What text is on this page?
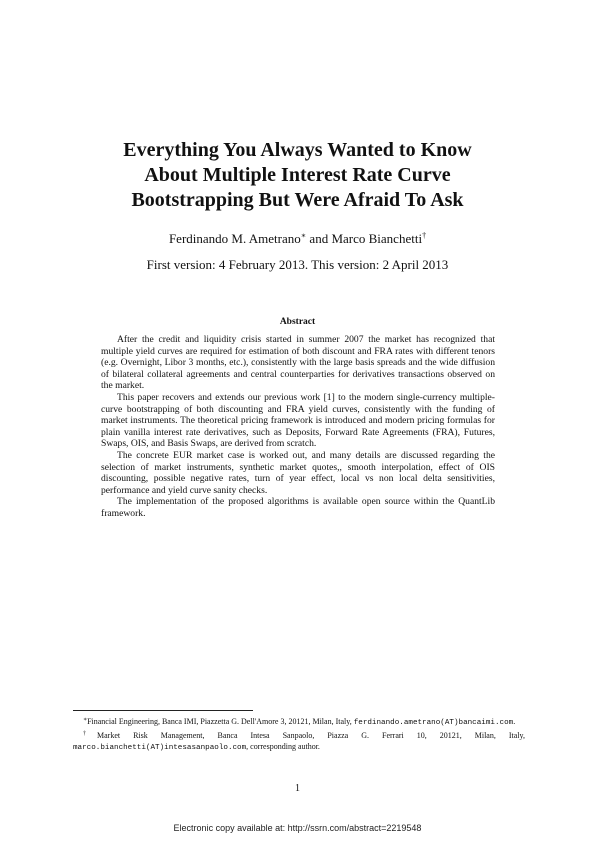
Everything You Always Wanted to Know
About Multiple Interest Rate Curve
Bootstrapping But Were Afraid To Ask
Ferdinando M. Ametrano∗ and Marco Bianchetti†
First version: 4 February 2013. This version: 2 April 2013
Abstract

After the credit and liquidity crisis started in summer 2007 the market has recognized that multiple yield curves are required for estimation of both discount and FRA rates with different tenors (e.g. Overnight, Libor 3 months, etc.), consistently with the large basis spreads and the wide diffusion of bilateral collateral agreements and central counterparties for derivatives transactions observed on the market.

This paper recovers and extends our previous work [1] to the modern single-currency multiple-curve bootstrapping of both discounting and FRA yield curves, consistently with the funding of market instruments. The theoretical pricing framework is introduced and modern pricing formulas for plain vanilla interest rate derivatives, such as Deposits, Forward Rate Agreements (FRA), Futures, Swaps, OIS, and Basis Swaps, are derived from scratch.

The concrete EUR market case is worked out, and many details are discussed regarding the selection of market instruments, synthetic market quotes,, smooth interpolation, effect of OIS discounting, possible negative rates, turn of year effect, local vs non local delta sensitivities, performance and yield curve sanity checks.

The implementation of the proposed algorithms is available open source within the QuantLib framework.

∗Financial Engineering, Banca IMI, Piazzetta G. Dell'Amore 3, 20121, Milan, Italy, ferdinando.ametrano(AT)bancaimi.com.

†Market Risk Management, Banca Intesa Sanpaolo, Piazza G. Ferrari 10, 20121, Milan, Italy, marco.bianchetti(AT)intesasanpaolo.com, corresponding author.

1
Electronic copy available at: http://ssrn.com/abstract=2219548
